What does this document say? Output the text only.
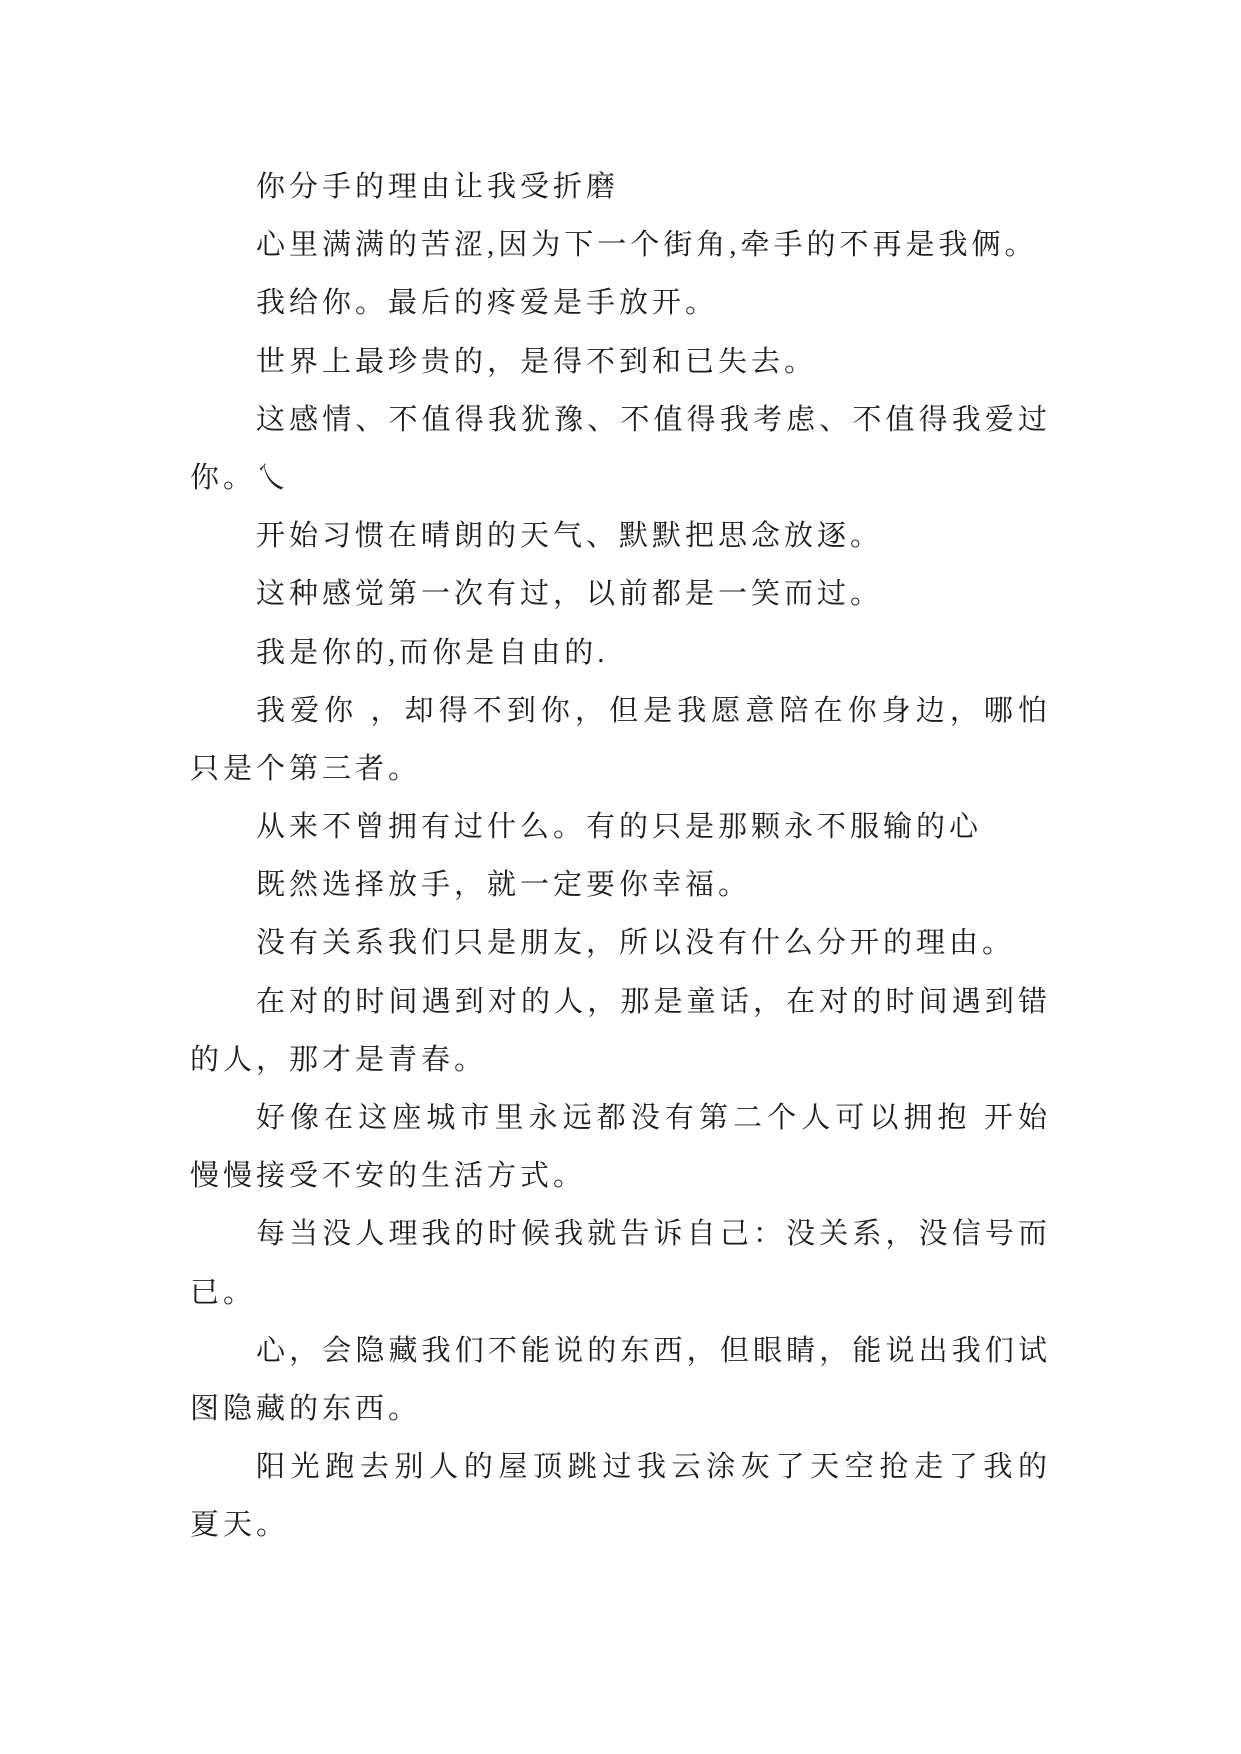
你分手的理由让我受折磨
心里满满的苦涩,因为下一个街角,牵手的不再是我俩。
我给你。最后的疼爱是手放开。
世界上最珍贵的，是得不到和已失去。
这感情、不值得我犹豫、不值得我考虑、不值得我爱过
你。乀
开始习惯在晴朗的天气、默默把思念放逐。
这种感觉第一次有过，以前都是一笑而过。
我是你的,而你是自由的.
我爱你 ，却得不到你，但是我愿意陪在你身边，哪怕
只是个第三者。
从来不曾拥有过什么。有的只是那颗永不服输的心
既然选择放手，就一定要你幸福。
没有关系我们只是朋友，所以没有什么分开的理由。
在对的时间遇到对的人，那是童话，在对的时间遇到错
的人，那才是青春。
好像在这座城市里永远都没有第二个人可以拥抱 开始
慢慢接受不安的生活方式。
每当没人理我的时候我就告诉自己：没关系，没信号而
已。
心，会隐藏我们不能说的东西，但眼睛，能说出我们试
图隐藏的东西。
阳光跑去别人的屋顶跳过我云涂灰了天空抢走了我的
夏天。
